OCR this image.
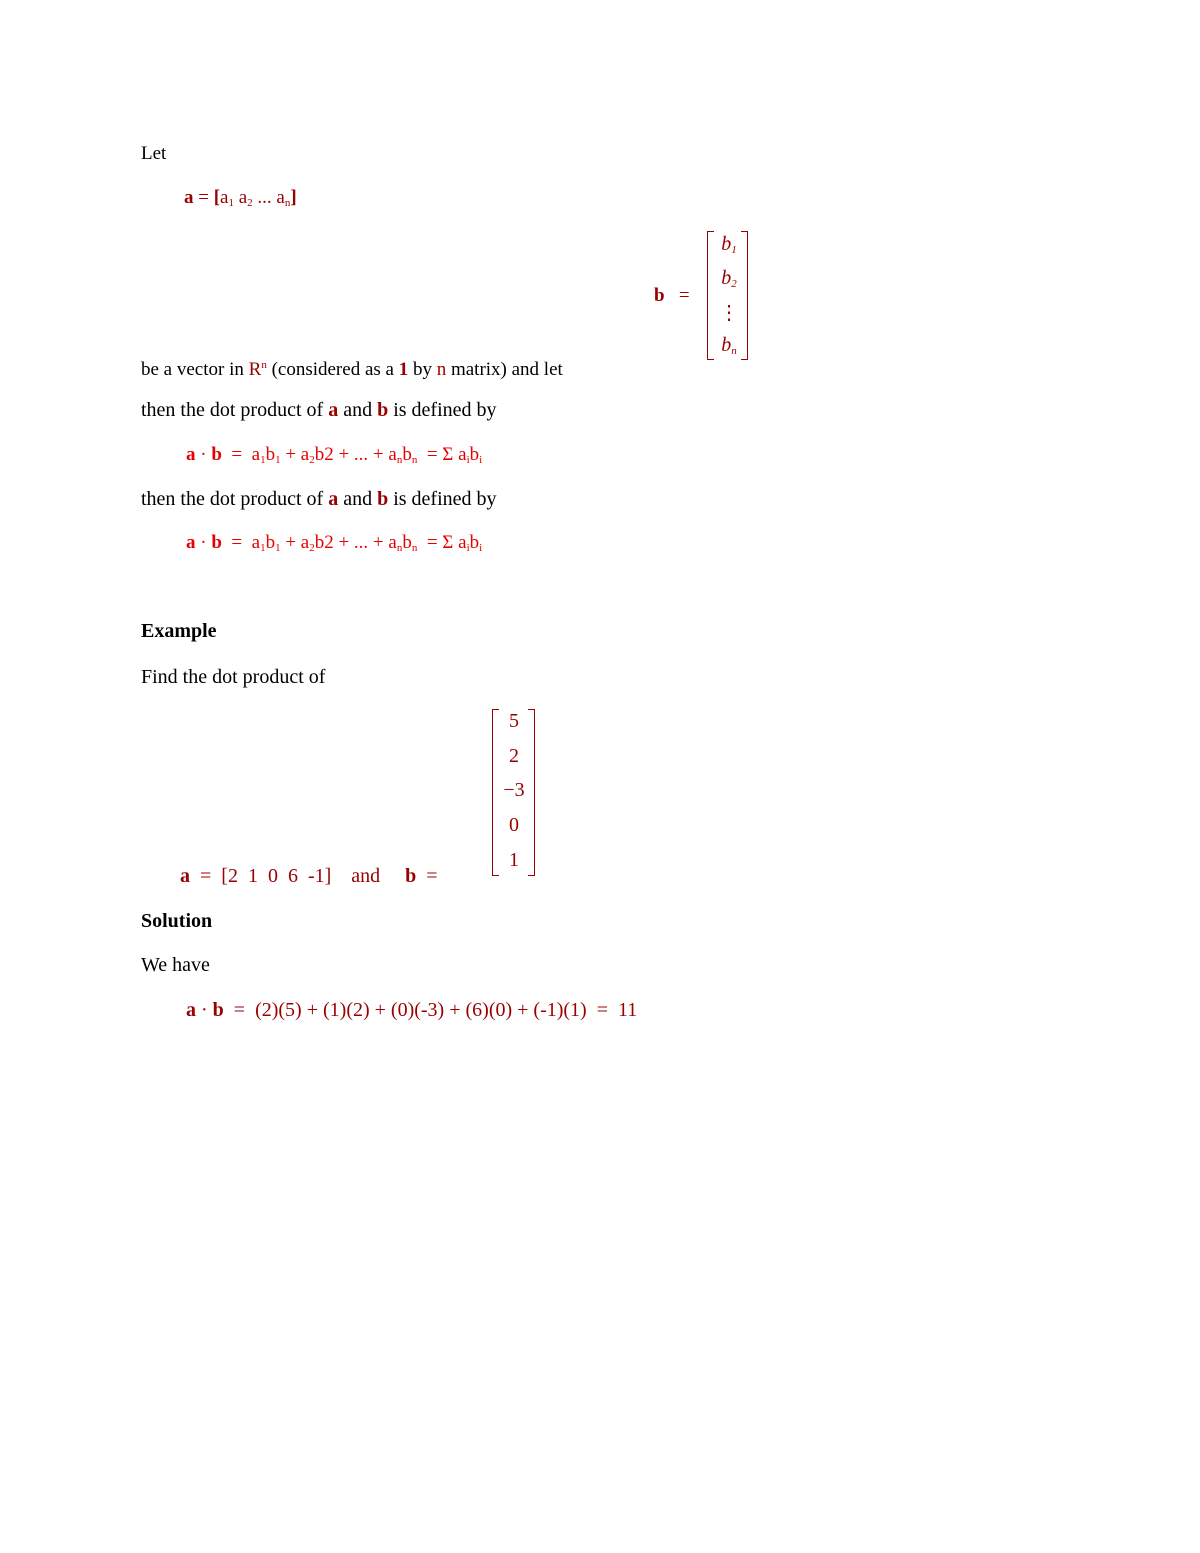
Let
$a = [a_1$ $a_2$ ... $a_n$]
b =
$b_1$
$b_2$
⋮
$b_n$
be a vector in $R^n$ (considered as a 1 by n matrix) and let
then the dot product of a and b is defined by
$a \cdot b = a_1b_1 + a_2b2$ + ... + $a_nb_n = \Sigma$ $a_ib_i$
then the dot product of a and b is defined by
$a \cdot b = a_1b_1 + a_2b2$ + ... + $a_nb_n = \Sigma$ $a_ib_i$
Example
Find the dot product of
5
2
−3
0
1
a = [2  1  0  6  -1] and b =
Solution
We have
a · b = (2)(5) + (1)(2) + (0)(-3) + (6)(0) + (-1)(1) = 11
